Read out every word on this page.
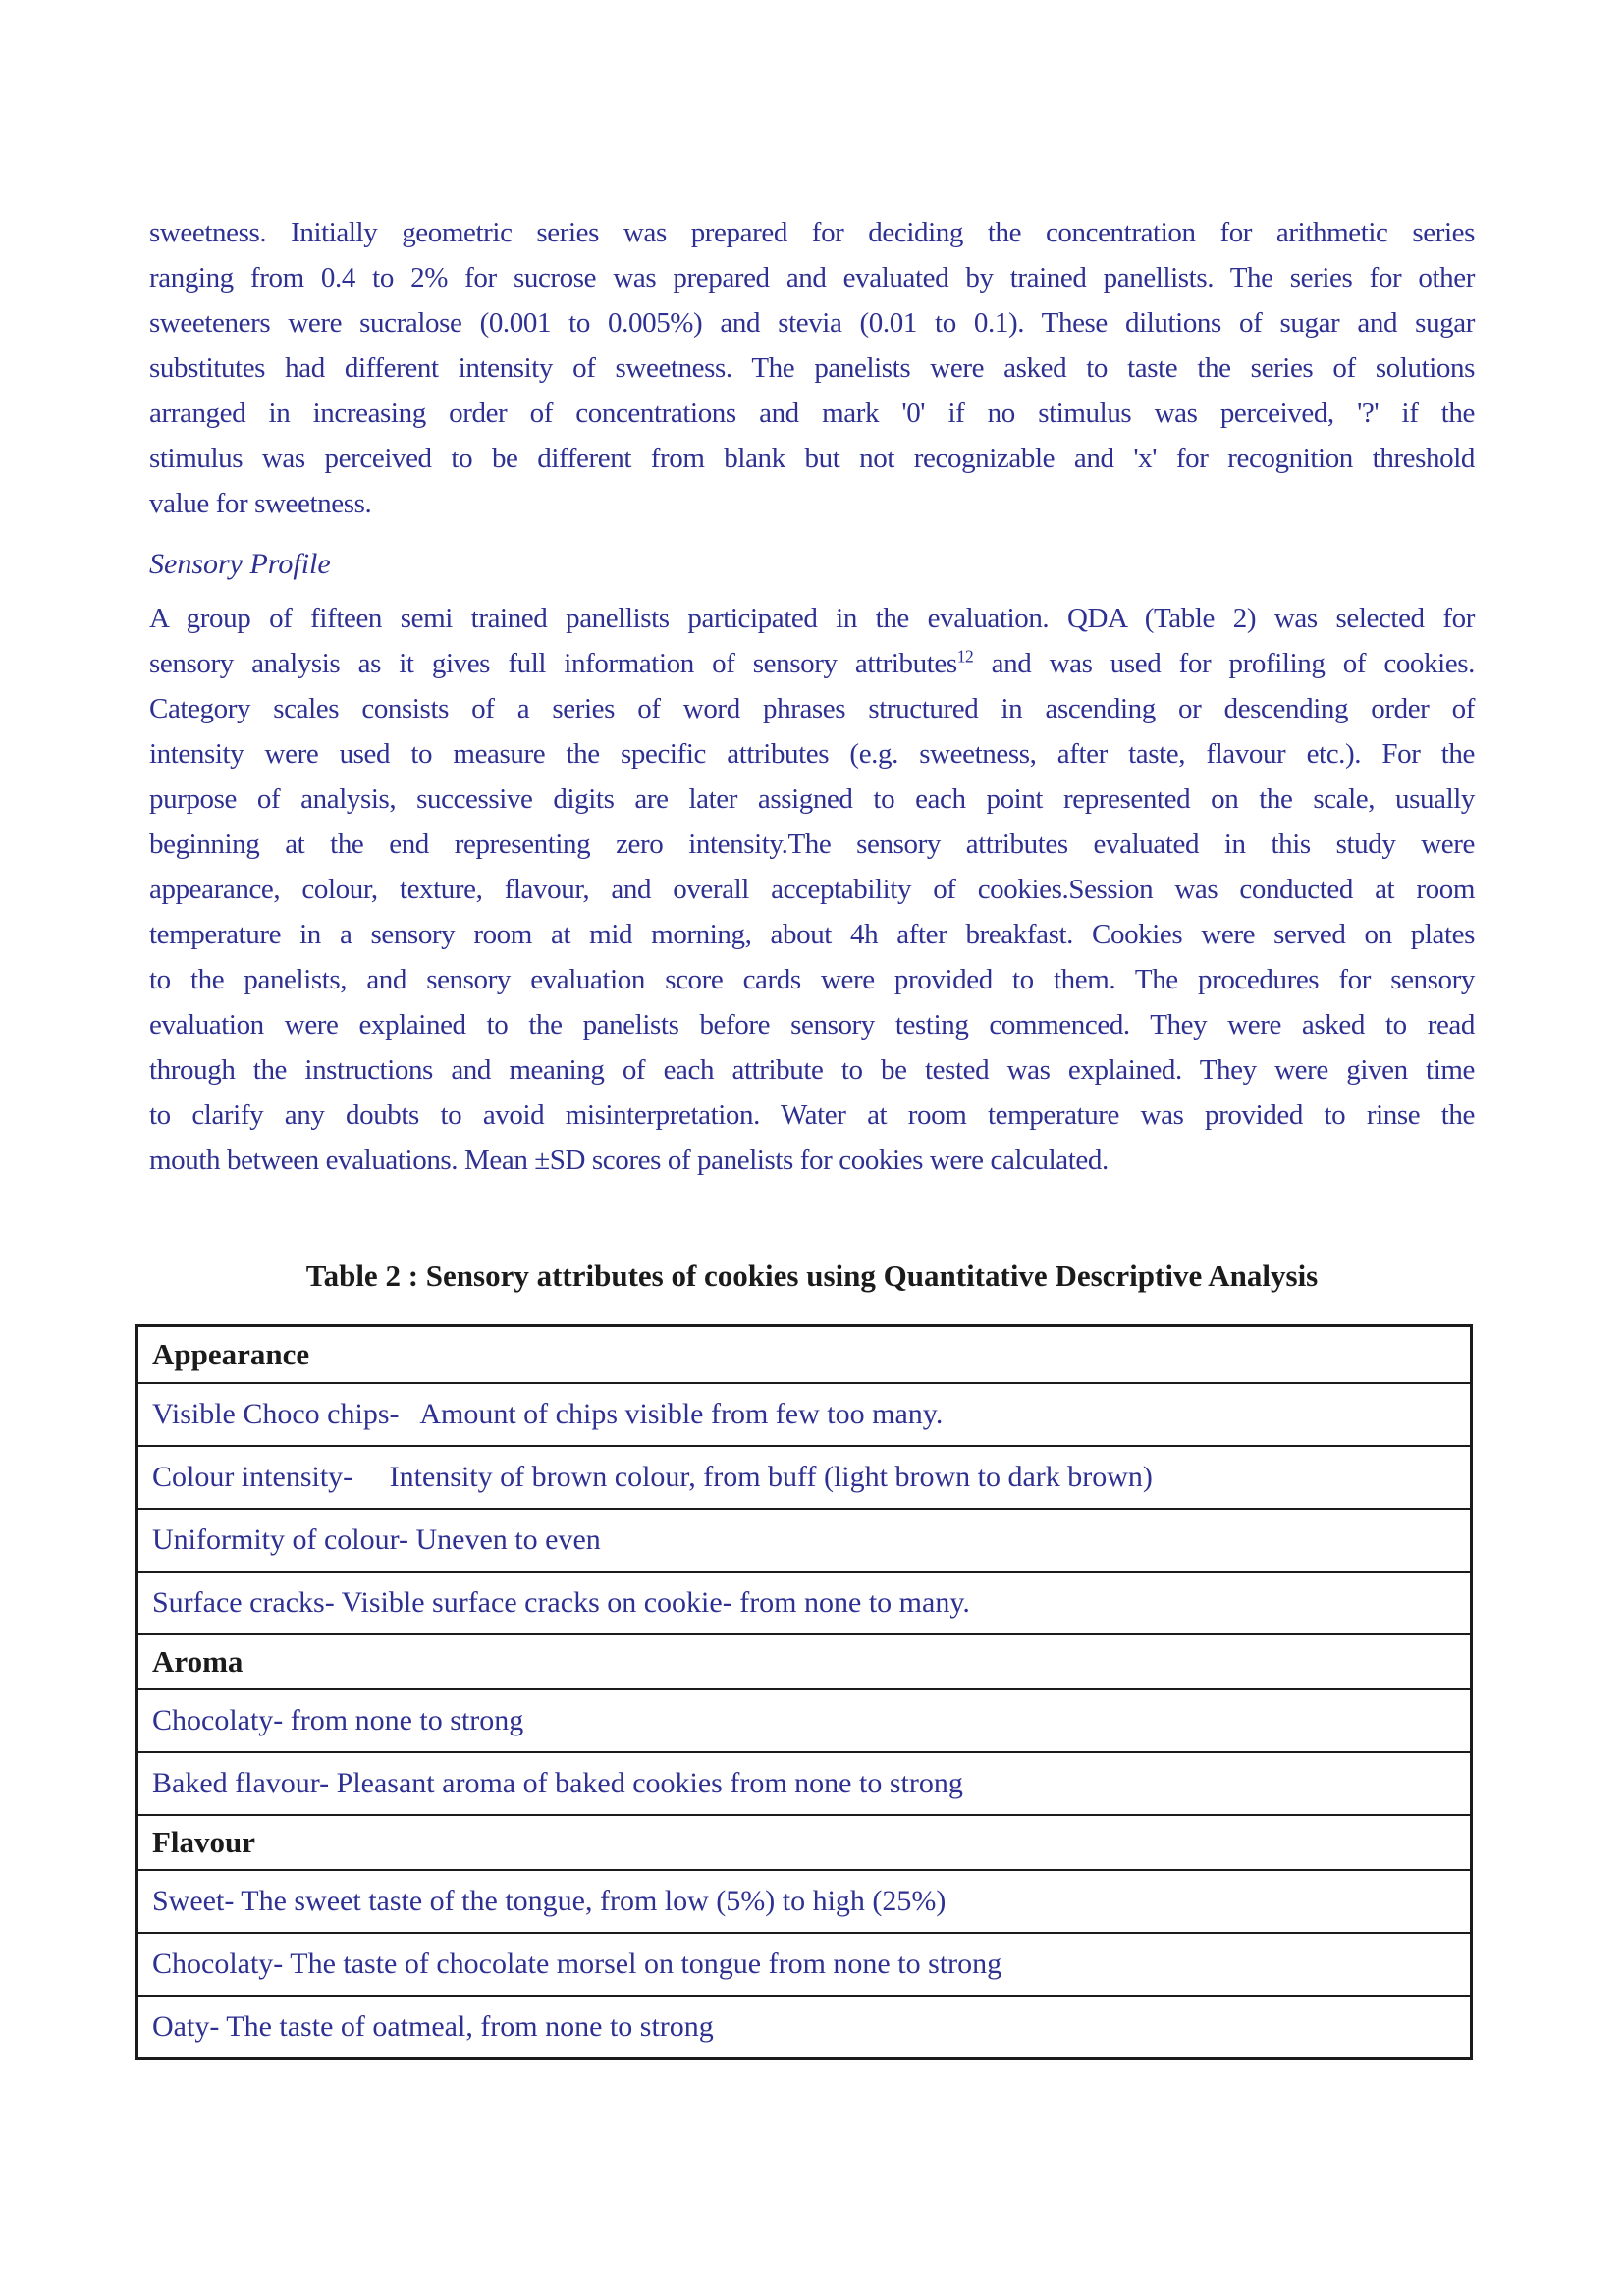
sweetness. Initially geometric series was prepared for deciding the concentration for arithmetic series
ranging from 0.4 to 2% for sucrose was prepared and evaluated by trained panellists. The series for other
sweeteners were sucralose (0.001 to 0.005%) and stevia (0.01 to 0.1). These dilutions of sugar and sugar
substitutes had different intensity of sweetness. The panelists were asked to taste the series of solutions
arranged in increasing order of concentrations and mark '0' if no stimulus was perceived, '?' if the
stimulus was perceived to be different from blank but not recognizable and 'x' for recognition threshold
value for sweetness.

Sensory Profile

A group of fifteen semi trained panellists participated in the evaluation. QDA (Table 2) was selected for
sensory analysis as it gives full information of sensory attributes$^{12}$ and was used for profiling of cookies.
Category scales consists of a series of word phrases structured in ascending or descending order of
intensity were used to measure the specific attributes (e.g. sweetness, after taste, flavour etc.). For the
purpose of analysis, successive digits are later assigned to each point represented on the scale, usually
beginning at the end representing zero intensity.The sensory attributes evaluated in this study were
appearance, colour, texture, flavour, and overall acceptability of cookies.Session was conducted at room
temperature in a sensory room at mid morning, about 4h after breakfast. Cookies were served on plates
to the panelists, and sensory evaluation score cards were provided to them. The procedures for sensory
evaluation were explained to the panelists before sensory testing commenced. They were asked to read
through the instructions and meaning of each attribute to be tested was explained. They were given time
to clarify any doubts to avoid misinterpretation. Water at room temperature was provided to rinse the
mouth between evaluations. Mean ±SD scores of panelists for cookies were calculated.

Table 2 : Sensory attributes of cookies using Quantitative Descriptive Analysis
Appearance
Visible Choco chips-   Amount of chips visible from few too many.
Colour intensity-     Intensity of brown colour, from buff (light brown to dark brown)
Uniformity of colour- Uneven to even
Surface cracks- Visible surface cracks on cookie- from none to many.
Aroma
Chocolaty- from none to strong
Baked flavour- Pleasant aroma of baked cookies from none to strong
Flavour
Sweet- The sweet taste of the tongue, from low (5%) to high (25%)
Chocolaty- The taste of chocolate morsel on tongue from none to strong
Oaty- The taste of oatmeal, from none to strong
